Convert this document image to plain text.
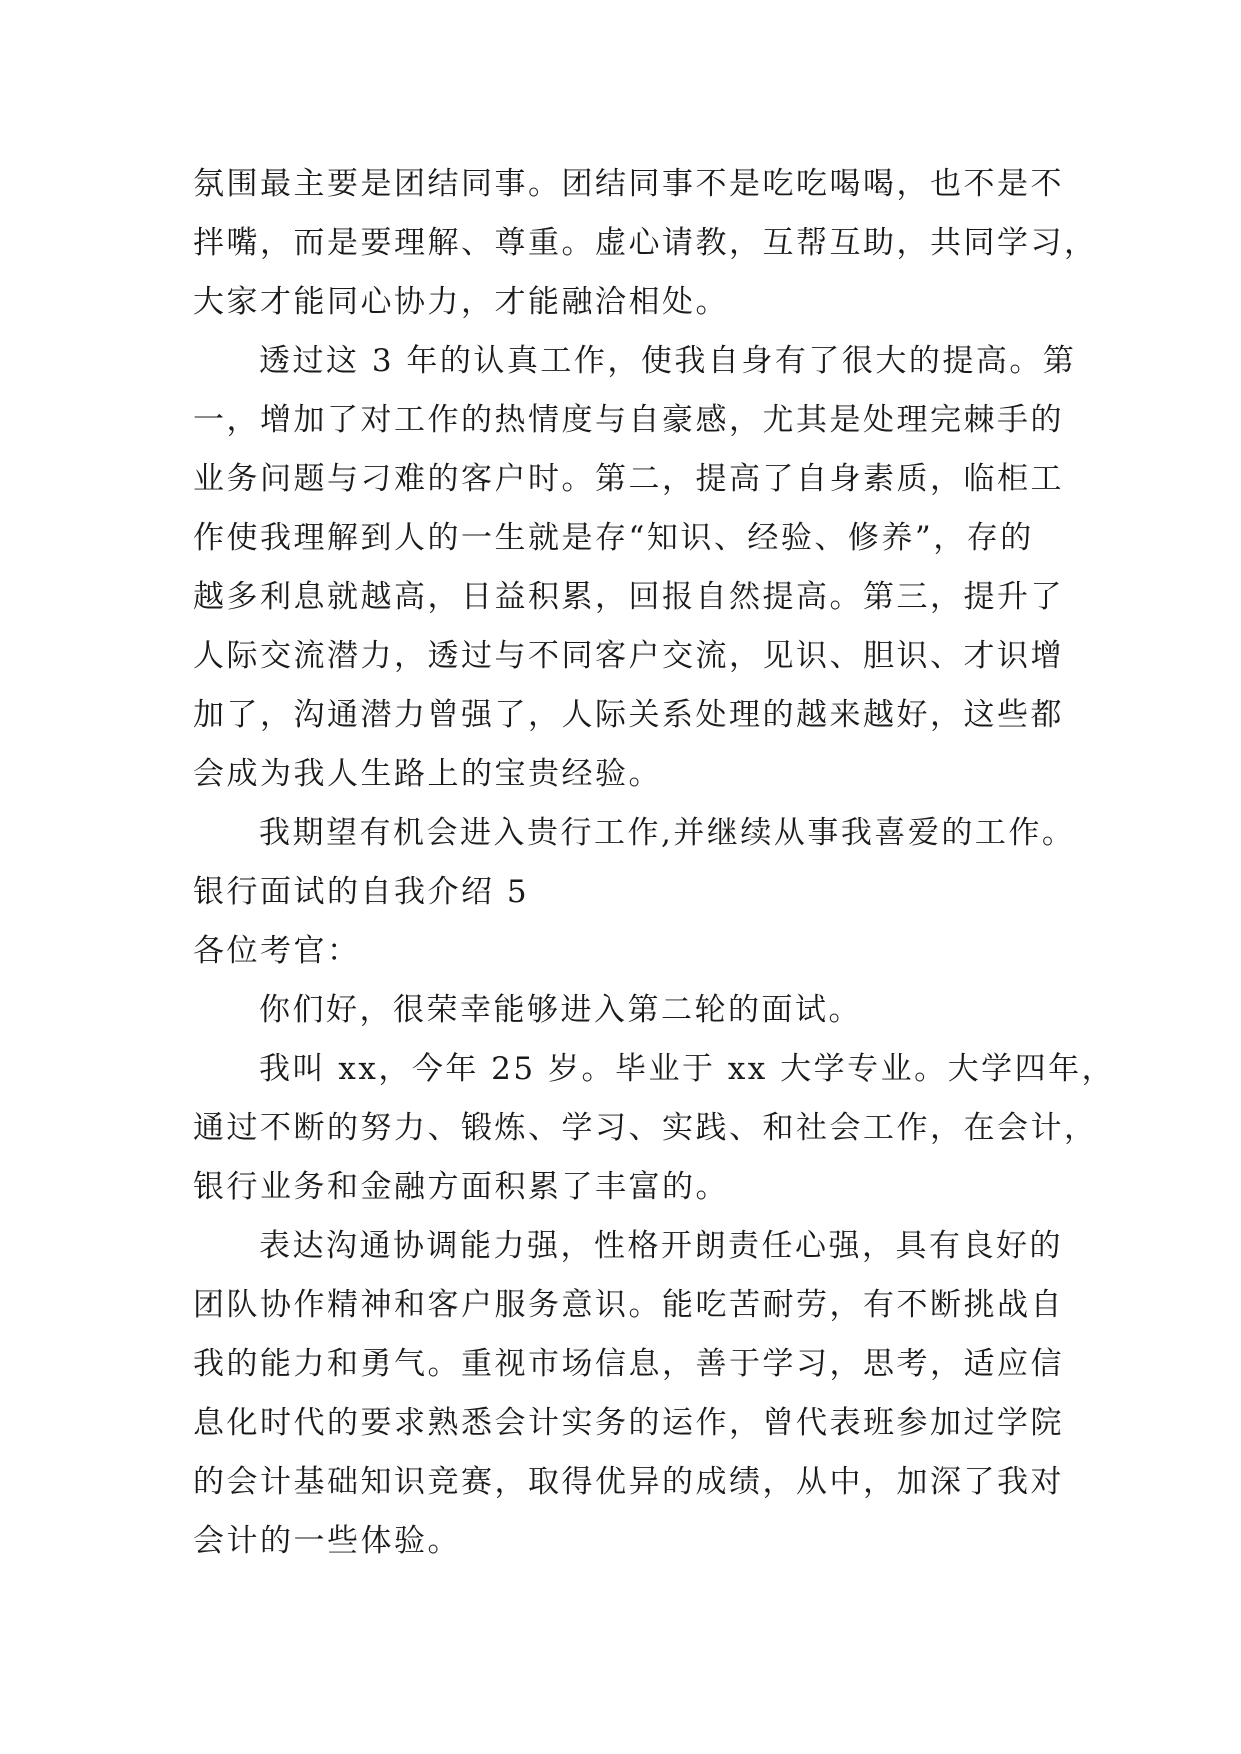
氛围最主要是团结同事。团结同事不是吃吃喝喝，也不是不
拌嘴，而是要理解、尊重。虚心请教，互帮互助，共同学习，
大家才能同心协力，才能融洽相处。

透过这 3 年的认真工作，使我自身有了很大的提高。第
一，增加了对工作的热情度与自豪感，尤其是处理完棘手的
业务问题与刁难的客户时。第二，提高了自身素质，临柜工
作使我理解到人的一生就是存“知识、经验、修养”，存的
越多利息就越高，日益积累，回报自然提高。第三，提升了
人际交流潜力，透过与不同客户交流，见识、胆识、才识增
加了，沟通潜力曾强了，人际关系处理的越来越好，这些都
会成为我人生路上的宝贵经验。

我期望有机会进入贵行工作,并继续从事我喜爱的工作。

银行面试的自我介绍 5

各位考官：

你们好，很荣幸能够进入第二轮的面试。

我叫 xx，今年 25 岁。毕业于 xx 大学专业。大学四年，
通过不断的努力、锻炼、学习、实践、和社会工作，在会计，
银行业务和金融方面积累了丰富的。

表达沟通协调能力强，性格开朗责任心强，具有良好的
团队协作精神和客户服务意识。能吃苦耐劳，有不断挑战自
我的能力和勇气。重视市场信息，善于学习，思考，适应信
息化时代的要求熟悉会计实务的运作，曾代表班参加过学院
的会计基础知识竞赛，取得优异的成绩，从中，加深了我对
会计的一些体验。
